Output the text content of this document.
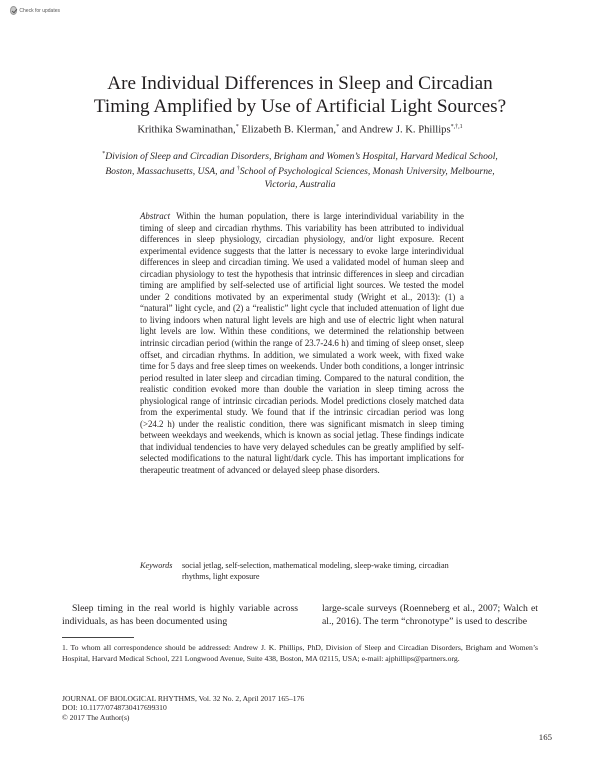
Check for updates
Are Individual Differences in Sleep and Circadian
Timing Amplified by Use of Artificial Light Sources?
Krithika Swaminathan,* Elizabeth B. Klerman,* and Andrew J. K. Phillips$^{*,\dagger,1}$
*Division of Sleep and Circadian Disorders, Brigham and Women’s Hospital, Harvard Medical School,
Boston, Massachusetts, USA, and †School of Psychological Sciences, Monash University, Melbourne,
Victoria, Australia
Abstract Within the human population, there is large interindividual variability in the timing of sleep and circadian rhythms. This variability has been attributed to individual differences in sleep physiology, circadian physiology, and/or light exposure. Recent experimental evidence suggests that the latter is necessary to evoke large interindividual differences in sleep and circadian timing. We used a validated model of human sleep and circadian physiology to test the hypothesis that intrinsic differences in sleep and circadian timing are amplified by self-selected use of artificial light sources. We tested the model under 2 conditions motivated by an experimental study (Wright et al., 2013): (1) a “natural” light cycle, and (2) a “realistic” light cycle that included attenuation of light due to living indoors when natural light levels are high and use of electric light when natural light levels are low. Within these conditions, we determined the relationship between intrinsic circadian period (within the range of 23.7-24.6 h) and timing of sleep onset, sleep offset, and circadian rhythms. In addition, we simulated a work week, with fixed wake time for 5 days and free sleep times on weekends. Under both conditions, a longer intrinsic period resulted in later sleep and circadian timing. Compared to the natural condition, the realistic condition evoked more than double the variation in sleep timing across the physiological range of intrinsic circadian periods. Model predictions closely matched data from the experimental study. We found that if the intrinsic circadian period was long (>24.2 h) under the realistic condition, there was significant mismatch in sleep timing between weekdays and weekends, which is known as social jetlag. These findings indicate that individual tendencies to have very delayed schedules can be greatly amplified by self-selected modifications to the natural light/dark cycle. This has important implications for therapeutic treatment of advanced or delayed sleep phase disorders.
Keywords	social jetlag, self-selection, mathematical modeling, sleep-wake timing, circadian rhythms, light exposure
Sleep timing in the real world is highly variable across individuals, as has been documented using
large-scale surveys (Roenneberg et al., 2007; Walch et al., 2016). The term “chronotype” is used to describe
1. To whom all correspondence should be addressed: Andrew J. K. Phillips, PhD, Division of Sleep and Circadian Disorders, Brigham and Women’s Hospital, Harvard Medical School, 221 Longwood Avenue, Suite 438, Boston, MA 02115, USA; e-mail: ajphillips@partners.org.
JOURNAL OF BIOLOGICAL RHYTHMS, Vol. 32 No. 2, April 2017 165–176
DOI: 10.1177/0748730417699310
© 2017 The Author(s)
165
